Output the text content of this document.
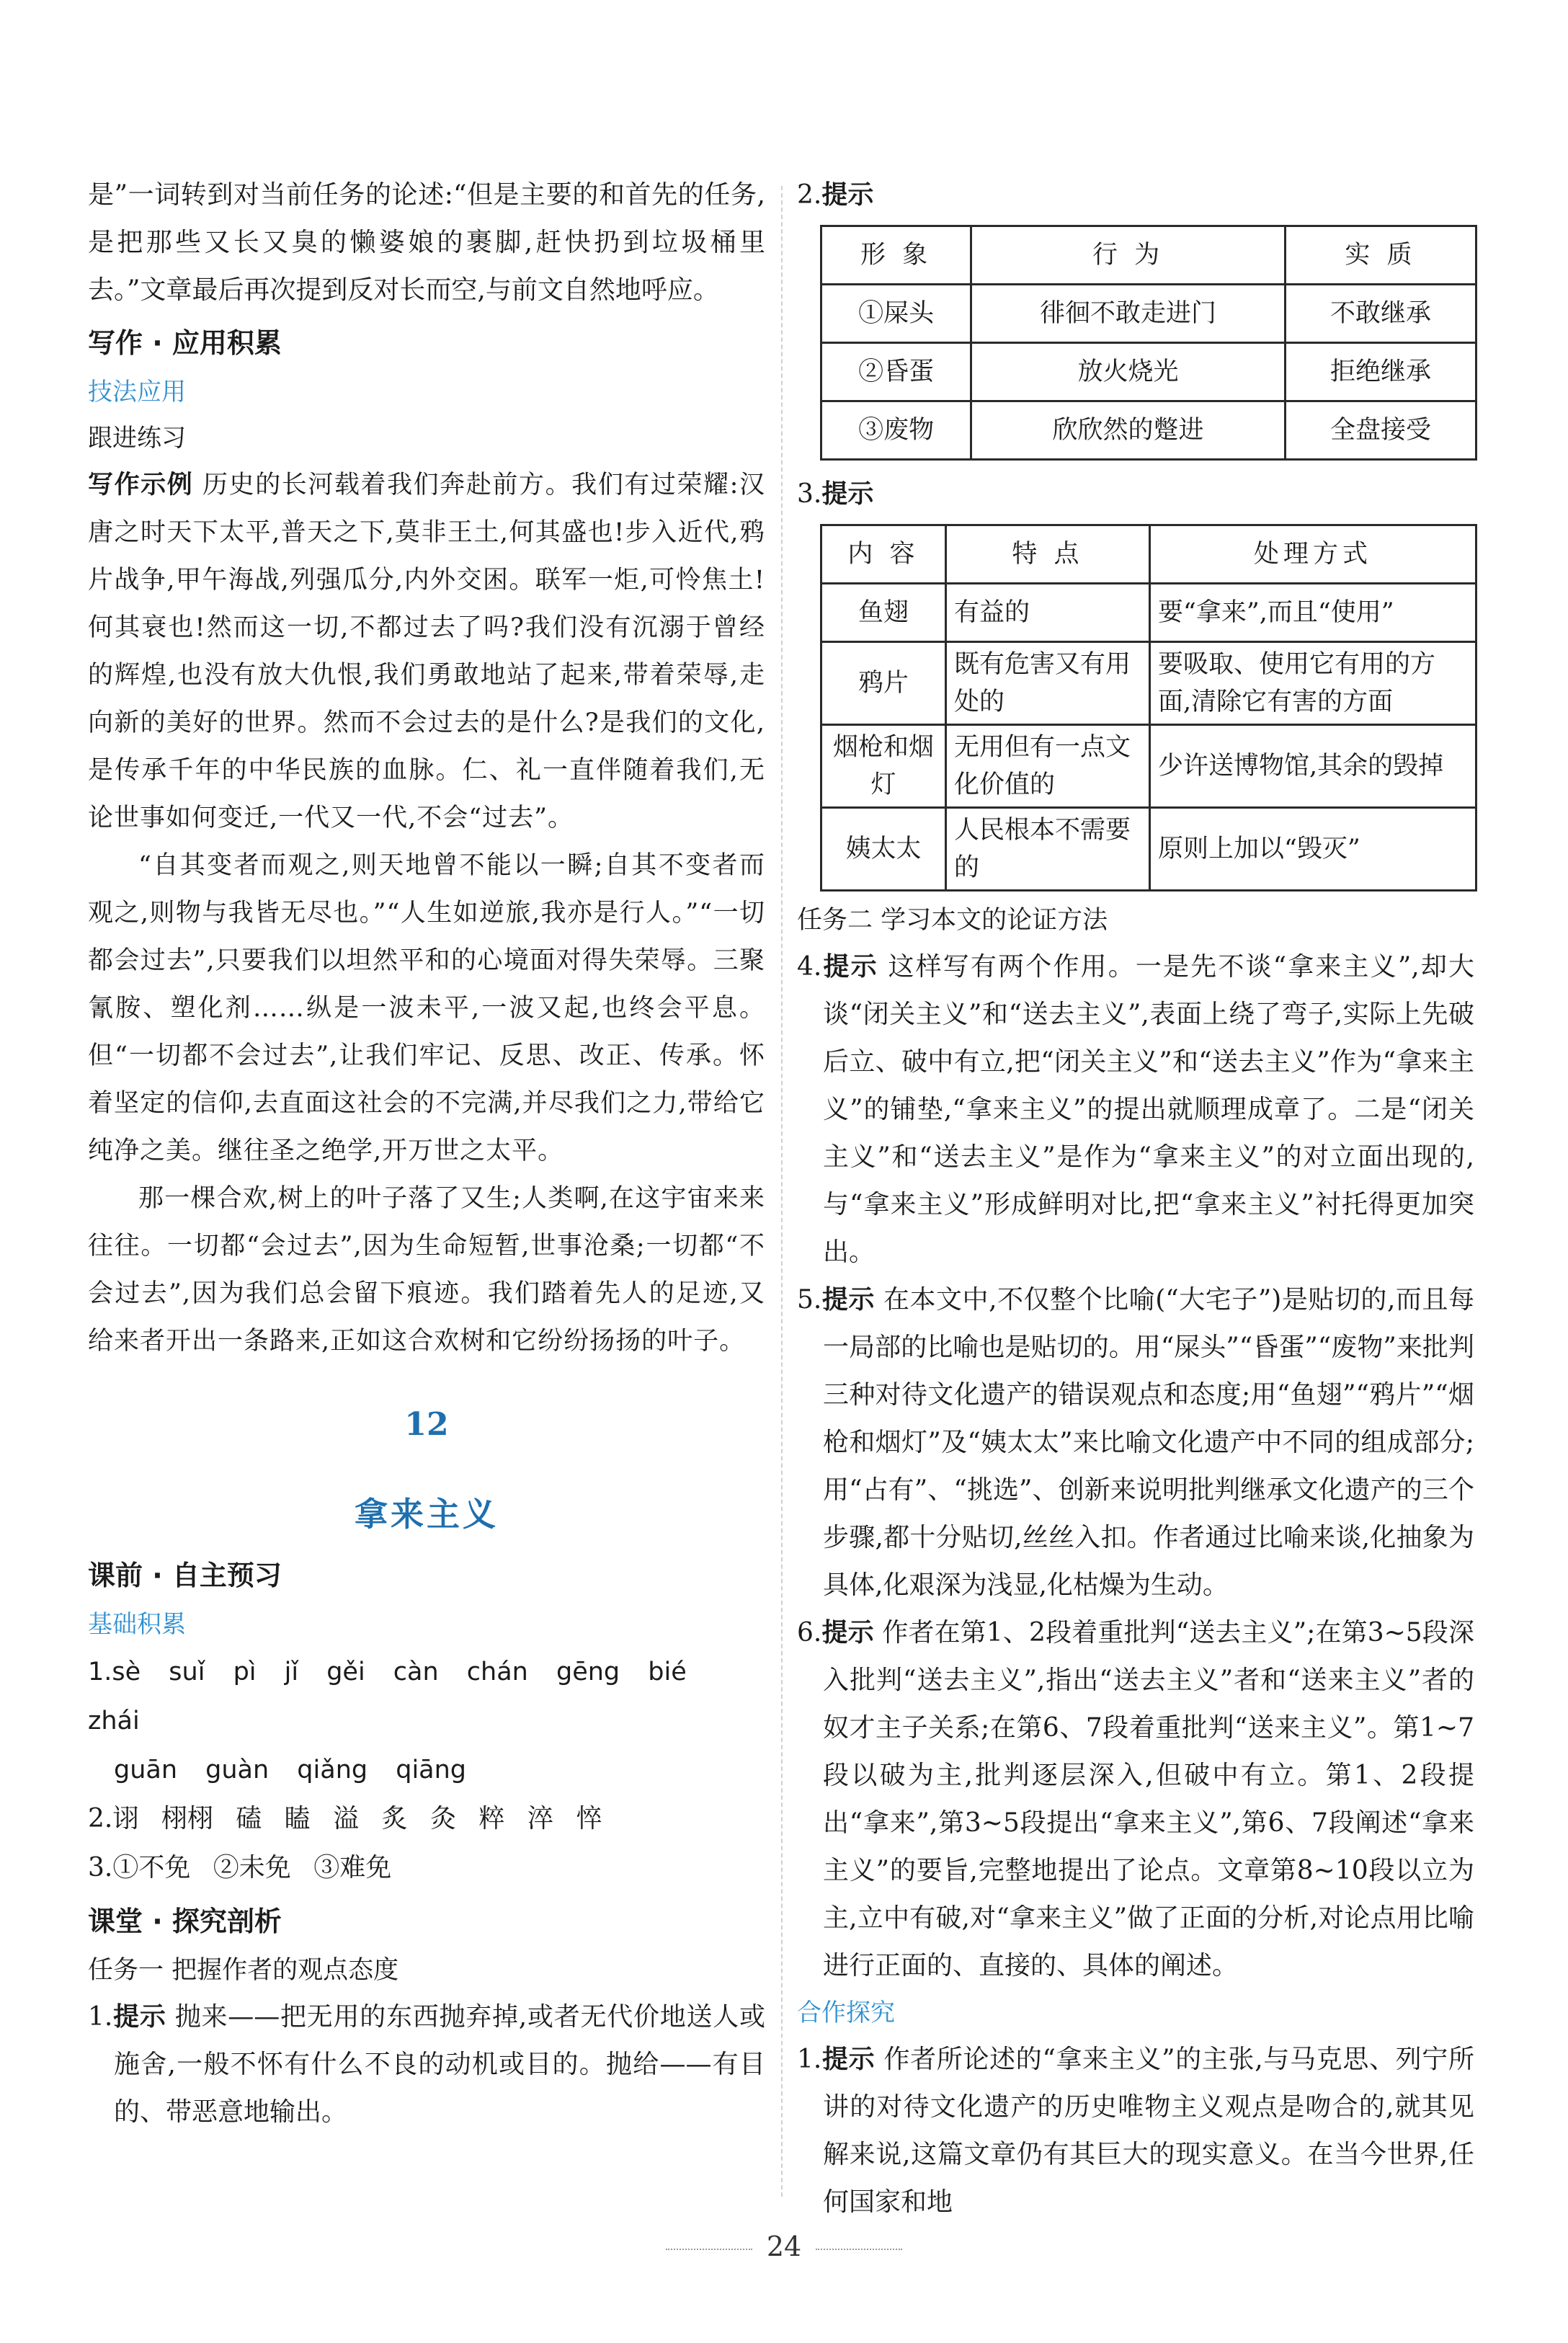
是”一词转到对当前任务的论述:“但是主要的和首先的任务,是把那些又长又臭的懒婆娘的裹脚,赶快扔到垃圾桶里去。”文章最后再次提到反对长而空,与前文自然地呼应。

写作 · 应用积累
技法应用
跟进练习

写作示例 历史的长河载着我们奔赴前方。我们有过荣耀:汉唐之时天下太平,普天之下,莫非王土,何其盛也!步入近代,鸦片战争,甲午海战,列强瓜分,内外交困。联军一炬,可怜焦土!何其衰也!然而这一切,不都过去了吗?我们没有沉溺于曾经的辉煌,也没有放大仇恨,我们勇敢地站了起来,带着荣辱,走向新的美好的世界。然而不会过去的是什么?是我们的文化,是传承千年的中华民族的血脉。仁、礼一直伴随着我们,无论世事如何变迁,一代又一代,不会“过去”。

“自其变者而观之,则天地曾不能以一瞬;自其不变者而观之,则物与我皆无尽也。”“人生如逆旅,我亦是行人。”“一切都会过去”,只要我们以坦然平和的心境面对得失荣辱。三聚氰胺、塑化剂……纵是一波未平,一波又起,也终会平息。但“一切都不会过去”,让我们牢记、反思、改正、传承。怀着坚定的信仰,去直面这社会的不完满,并尽我们之力,带给它纯净之美。继往圣之绝学,开万世之太平。

那一棵合欢,树上的叶子落了又生;人类啊,在这宇宙来来往往。一切都“会过去”,因为生命短暂,世事沧桑;一切都“不会过去”,因为我们总会留下痕迹。我们踏着先人的足迹,又给来者开出一条路来,正如这合欢树和它纷纷扬扬的叶子。

12
拿来主义
课前 · 自主预习
基础积累
1.sè suǐ pì jǐ gěi càn chán gēng bié zhái
guān guàn qiǎng qiāng
2.诩 栩栩 磕 瞌 溢 炙 灸 粹 淬 悴
3.①不免 ②未免 ③难免
课堂 · 探究剖析
任务一 把握作者的观点态度

1.提示 抛来——把无用的东西抛弃掉,或者无代价地送人或施舍,一般不怀有什么不良的动机或目的。抛给——有目的、带恶意地输出。

2.提示

形 象	行 为	实 质
①屎头	徘徊不敢走进门	不敢继承
②昏蛋	放火烧光	拒绝继承
③废物	欣欣然的蹩进	全盘接受

3.提示

内 容	特 点	处理方式
鱼翅	有益的	要“拿来”,而且“使用”
鸦片	既有危害又有用处的	要吸取、使用它有用的方面,清除它有害的方面
烟枪和烟灯	无用但有一点文化价值的	少许送博物馆,其余的毁掉
姨太太	人民根本不需要的	原则上加以“毁灭”
任务二 学习本文的论证方法

4.提示 这样写有两个作用。一是先不谈“拿来主义”,却大谈“闭关主义”和“送去主义”,表面上绕了弯子,实际上先破后立、破中有立,把“闭关主义”和“送去主义”作为“拿来主义”的铺垫,“拿来主义”的提出就顺理成章了。二是“闭关主义”和“送去主义”是作为“拿来主义”的对立面出现的,与“拿来主义”形成鲜明对比,把“拿来主义”衬托得更加突出。

5.提示 在本文中,不仅整个比喻(“大宅子”)是贴切的,而且每一局部的比喻也是贴切的。用“屎头”“昏蛋”“废物”来批判三种对待文化遗产的错误观点和态度;用“鱼翅”“鸦片”“烟枪和烟灯”及“姨太太”来比喻文化遗产中不同的组成部分;用“占有”、“挑选”、创新来说明批判继承文化遗产的三个步骤,都十分贴切,丝丝入扣。作者通过比喻来谈,化抽象为具体,化艰深为浅显,化枯燥为生动。

6.提示 作者在第1、2段着重批判“送去主义”;在第3~5段深入批判“送去主义”,指出“送去主义”者和“送来主义”者的奴才主子关系;在第6、7段着重批判“送来主义”。第1~7段以破为主,批判逐层深入,但破中有立。第1、2段提出“拿来”,第3~5段提出“拿来主义”,第6、7段阐述“拿来主义”的要旨,完整地提出了论点。文章第8~10段以立为主,立中有破,对“拿来主义”做了正面的分析,对论点用比喻进行正面的、直接的、具体的阐述。

合作探究

1.提示 作者所论述的“拿来主义”的主张,与马克思、列宁所讲的对待文化遗产的历史唯物主义观点是吻合的,就其见解来说,这篇文章仍有其巨大的现实意义。在当今世界,任何国家和地

24
